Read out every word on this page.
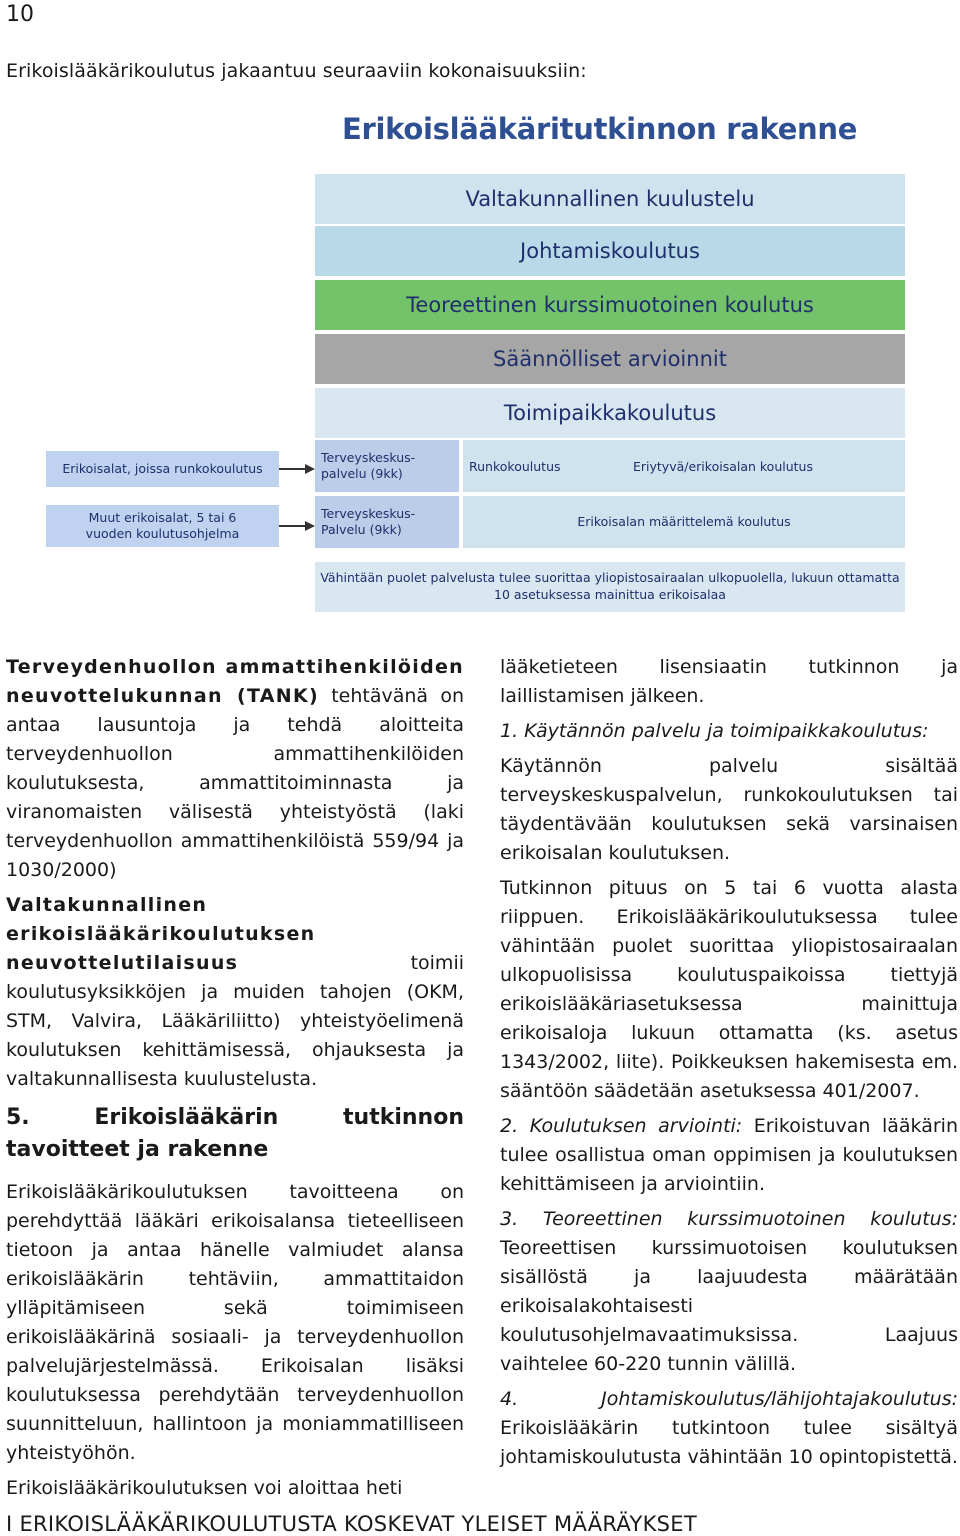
10
Erikoislääkärikoulutus jakaantuu seuraaviin kokonaisuuksiin:
Erikoislääkäritutkinnon rakenne
Valtakunnallinen kuulustelu
Johtamiskoulutus
Teoreettinen kurssimuotoinen koulutus
Säännölliset arvioinnit
Toimipaikkakoulutus
Erikoisalat, joissa runkokoulutus
Muut erikoisalat, 5 tai 6 vuoden koulutusohjelma
Terveyskeskus-palvelu (9kk)
Terveyskeskus-Palvelu (9kk)
Runkokoulutus	Eriytyvä/erikoisalan koulutus
Erikoisalan määrittelemä koulutus
Vähintään puolet palvelusta tulee suorittaa yliopistosairaalan ulkopuolella, lukuun ottamatta 10 asetuksessa mainittua erikoisalaa

Terveydenhuollon ammattihenkilöiden neuvottelukunnan (TANK) tehtävänä on antaa lausuntoja ja tehdä aloitteita terveydenhuollon ammattihenkilöiden koulutuksesta, ammattitoiminnasta ja viranomaisten välisestä yhteistyöstä (laki terveydenhuollon ammattihenkilöistä 559/94 ja 1030/2000)

Valtakunnallinen erikoislääkärikoulutuksen neuvottelutilaisuus	toimii koulutusyksikköjen ja muiden tahojen (OKM, STM, Valvira, Lääkäriliitto) yhteistyöelimenä koulutuksen kehittämisessä, ohjauksesta ja valtakunnallisesta kuulustelusta.

5. Erikoislääkärin tutkinnon tavoitteet ja rakenne

Erikoislääkärikoulutuksen tavoitteena on perehdyttää lääkäri erikoisalansa tieteelliseen tietoon ja antaa hänelle valmiudet alansa erikoislääkärin tehtäviin, ammattitaidon ylläpitämiseen sekä toimimiseen erikoislääkärinä sosiaali- ja terveydenhuollon palvelujärjestelmässä. Erikoisalan lisäksi koulutuksessa perehdytään terveydenhuollon suunnitteluun, hallintoon ja moniammatilliseen yhteistyöhön.

Erikoislääkärikoulutuksen voi aloittaa heti

lääketieteen lisensiaatin tutkinnon ja laillistamisen jälkeen.

1. Käytännön palvelu ja toimipaikkakoulutus:

Käytännön palvelu sisältää terveyskeskuspalvelun, runkokoulutuksen tai täydentävään koulutuksen sekä varsinaisen erikoisalan koulutuksen.

Tutkinnon pituus on 5 tai 6 vuotta alasta riippuen. Erikoislääkärikoulutuksessa tulee vähintään puolet suorittaa yliopistosairaalan ulkopuolisissa koulutuspaikoissa tiettyjä erikoislääkäriasetuksessa mainittuja erikoisaloja lukuun ottamatta (ks. asetus 1343/2002, liite). Poikkeuksen hakemisesta em. sääntöön säädetään asetuksessa 401/2007.

2. Koulutuksen arviointi: Erikoistuvan lääkärin tulee osallistua oman oppimisen ja koulutuksen kehittämiseen ja arviointiin.

3. Teoreettinen kurssimuotoinen koulutus: Teoreettisen kurssimuotoisen koulutuksen sisällöstä ja laajuudesta määrätään erikoisalakohtaisesti koulutusohjelmavaatimuksissa. Laajuus vaihtelee 60-220 tunnin välillä.

4. Johtamiskoulutus/lähijohtajakoulutus: Erikoislääkärin tutkintoon tulee sisältyä johtamiskoulutusta vähintään 10 opintopistettä.

I ERIKOISLÄÄKÄRIKOULUTUSTA KOSKEVAT YLEISET MÄÄRÄYKSET
